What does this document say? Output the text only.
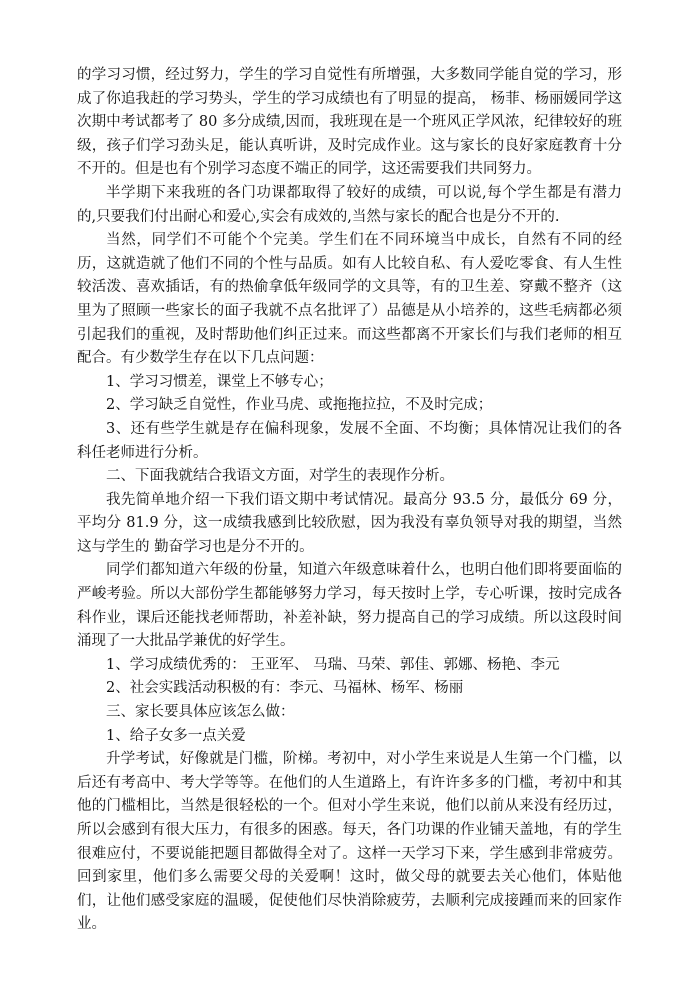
的学习习惯，经过努力，学生的学习自觉性有所增强，大多数同学能自觉的学习，形成了你追我赶的学习势头，学生的学习成绩也有了明显的提高， 杨菲、杨丽媛同学这次期中考试都考了 80 多分成绩,因而，我班现在是一个班风正学风浓，纪律较好的班级，孩子们学习劲头足，能认真听讲，及时完成作业。这与家长的良好家庭教育十分不开的。但是也有个别学习态度不端正的同学，这还需要我们共同努力。

半学期下来我班的各门功课都取得了较好的成绩，可以说,每个学生都是有潜力的,只要我们付出耐心和爱心,实会有成效的,当然与家长的配合也是分不开的.

当然，同学们不可能个个完美。学生们在不同环境当中成长，自然有不同的经历，这就造就了他们不同的个性与品质。如有人比较自私、有人爱吃零食、有人生性较活泼、喜欢插话，有的热偷拿低年级同学的文具等，有的卫生差、穿戴不整齐（这里为了照顾一些家长的面子我就不点名批评了）品德是从小培养的，这些毛病都必须引起我们的重视，及时帮助他们纠正过来。而这些都离不开家长们与我们老师的相互配合。有少数学生存在以下几点问题：

1、学习习惯差，课堂上不够专心；

2、学习缺乏自觉性，作业马虎、或拖拖拉拉，不及时完成；

3、还有些学生就是存在偏科现象，发展不全面、不均衡；具体情况让我们的各科任老师进行分析。

二、下面我就结合我语文方面，对学生的表现作分析。

我先简单地介绍一下我们语文期中考试情况。最高分 93.5 分，最低分 69 分，平均分 81.9 分，这一成绩我感到比较欣慰，因为我没有辜负领导对我的期望，当然这与学生的 勤奋学习也是分不开的。

同学们都知道六年级的份量，知道六年级意味着什么，也明白他们即将要面临的严峻考验。所以大部份学生都能够努力学习，每天按时上学，专心听课，按时完成各科作业，课后还能找老师帮助，补差补缺，努力提高自己的学习成绩。所以这段时间涌现了一大批品学兼优的好学生。

1、学习成绩优秀的： 王亚军、 马瑞、马荣、郭佳、郭娜、杨艳、李元

2、社会实践活动积极的有：李元、马福林、杨军、杨丽

三、家长要具体应该怎么做：

1、给子女多一点关爱

升学考试，好像就是门槛，阶梯。考初中，对小学生来说是人生第一个门槛，以后还有考高中、考大学等等。在他们的人生道路上，有许许多多的门槛，考初中和其他的门槛相比，当然是很轻松的一个。但对小学生来说，他们以前从来没有经历过，所以会感到有很大压力，有很多的困惑。每天，各门功课的作业铺天盖地，有的学生很难应付，不要说能把题目都做得全对了。这样一天学习下来，学生感到非常疲劳。回到家里，他们多么需要父母的关爱啊！这时，做父母的就要去关心他们，体贴他们，让他们感受家庭的温暖，促使他们尽快消除疲劳，去顺利完成接踵而来的回家作业。
